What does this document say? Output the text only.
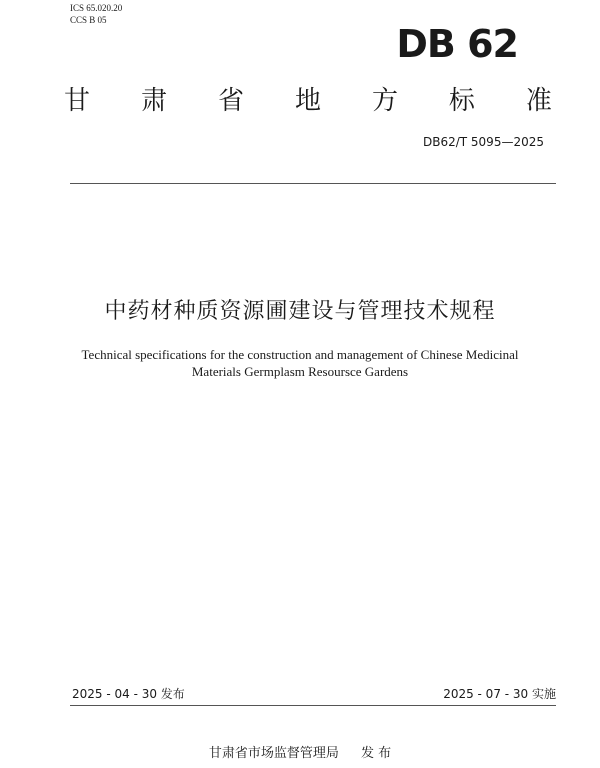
ICS 65.020.20
CCS B 05
DB 62
甘 肃 省 地 方 标 准
DB62/T 5095—2025
中药材种质资源圃建设与管理技术规程
Technical specifications for the construction and management of Chinese Medicinal
Materials Germplasm Resoursce Gardens
2025 - 04 - 30 发布	2025 - 07 - 30 实施
甘肃省市场监督管理局 发 布
